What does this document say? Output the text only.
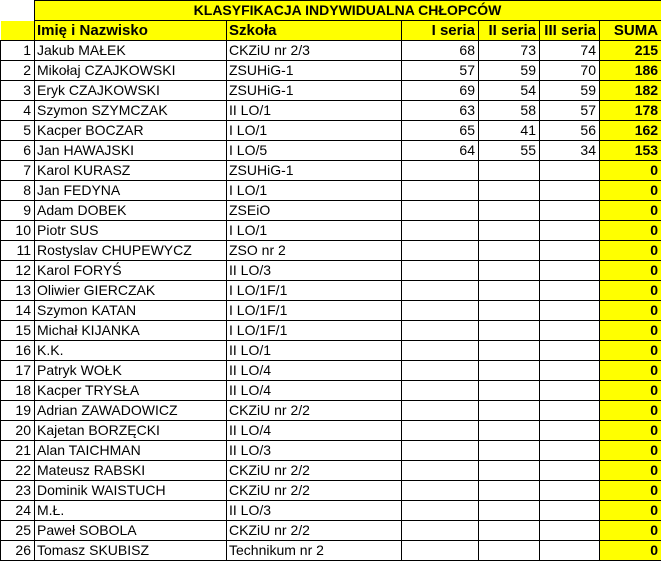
	KLASYFIKACJA INDYWIDUALNA CHŁOPCÓW					
	Imię i Nazwisko	Szkoła	I seria	II seria	III seria	SUMA
1	Jakub MAŁEK	CKZiU nr 2/3	68	73	74	215
2	Mikołaj CZAJKOWSKI	ZSUHiG-1	57	59	70	186
3	Eryk CZAJKOWSKI	ZSUHiG-1	69	54	59	182
4	Szymon SZYMCZAK	II LO/1	63	58	57	178
5	Kacper BOCZAR	I LO/1	65	41	56	162
6	Jan HAWAJSKI	I LO/5	64	55	34	153
7	Karol KURASZ	ZSUHiG-1				0
8	Jan FEDYNA	I LO/1				0
9	Adam DOBEK	ZSEiO				0
10	Piotr SUS	I LO/1				0
11	Rostyslav CHUPEWYCZ	ZSO nr 2				0
12	Karol FORYŚ	II LO/3				0
13	Oliwier GIERCZAK	I LO/1F/1				0
14	Szymon KATAN	I LO/1F/1				0
15	Michał KIJANKA	I LO/1F/1				0
16	K.K.	II LO/1				0
17	Patryk WOŁK	II LO/4				0
18	Kacper TRYSŁA	II LO/4				0
19	Adrian ZAWADOWICZ	CKZiU nr 2/2				0
20	Kajetan BORZĘCKI	II LO/4				0
21	Alan TAICHMAN	II LO/3				0
22	Mateusz RABSKI	CKZiU nr 2/2				0
23	Dominik WAISTUCH	CKZiU nr 2/2				0
24	M.Ł.	II LO/3				0
25	Paweł SOBOLA	CKZiU nr 2/2				0
26	Tomasz SKUBISZ	Technikum nr 2				0
